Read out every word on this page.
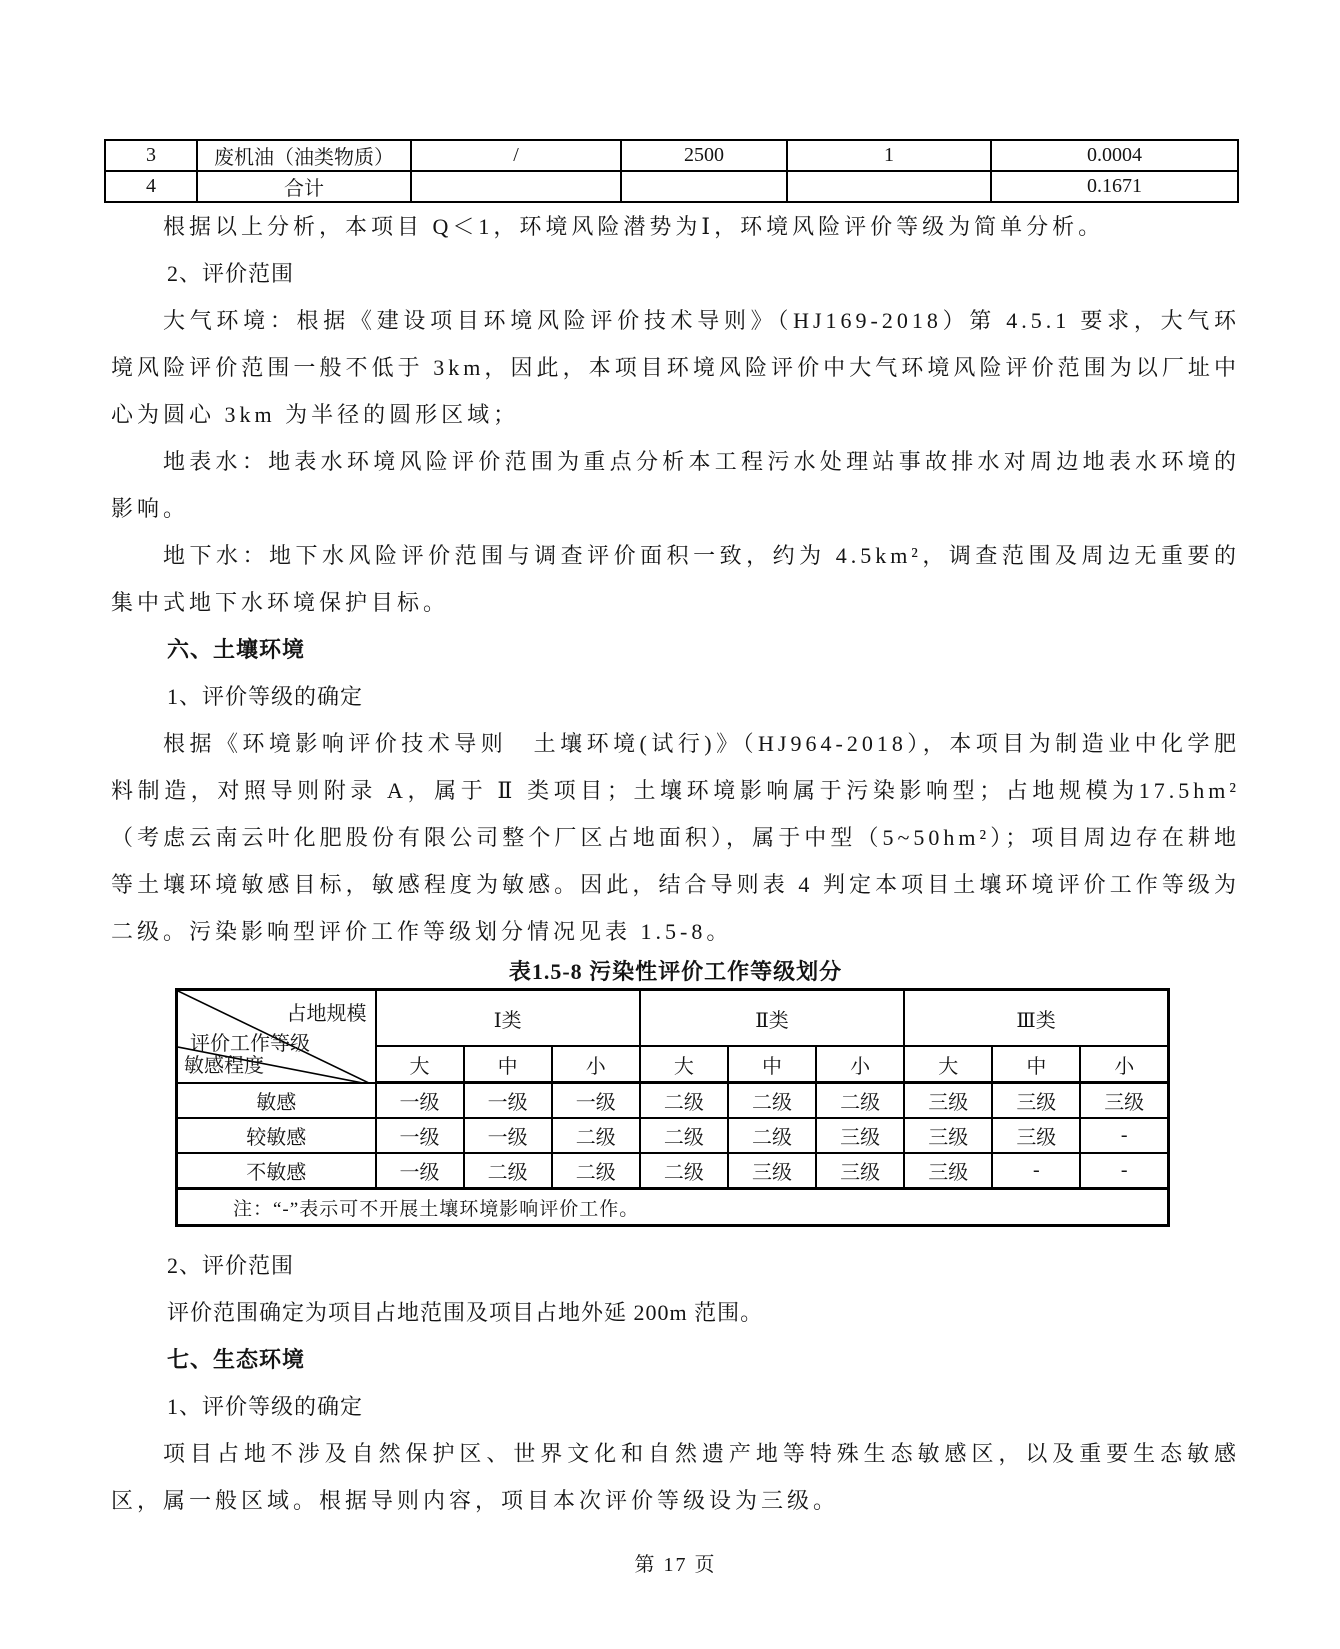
3	废机油（油类物质）	/	2500	1	0.0004
4	合计				0.1671

根据以上分析，本项目 Q＜1，环境风险潜势为Ⅰ，环境风险评价等级为简单分析。

2、评价范围

大气环境：根据《建设项目环境风险评价技术导则》（HJ169-2018）第 4.5.1 要求，大气环境风险评价范围一般不低于 3km，因此，本项目环境风险评价中大气环境风险评价范围为以厂址中心为圆心 3km 为半径的圆形区域；

地表水：地表水环境风险评价范围为重点分析本工程污水处理站事故排水对周边地表水环境的影响。

地下水：地下水风险评价范围与调查评价面积一致，约为 4.5km²，调查范围及周边无重要的集中式地下水环境保护目标。

六、土壤环境

1、评价等级的确定

根据《环境影响评价技术导则　土壤环境(试行)》（HJ964-2018），本项目为制造业中化学肥料制造，对照导则附录 A，属于 Ⅱ 类项目；土壤环境影响属于污染影响型；占地规模为17.5hm²（考虑云南云叶化肥股份有限公司整个厂区占地面积），属于中型（5~50hm²）；项目周边存在耕地等土壤环境敏感目标，敏感程度为敏感。因此，结合导则表 4 判定本项目土壤环境评价工作等级为二级。污染影响型评价工作等级划分情况见表 1.5-8。

表1.5-8 污染性评价工作等级划分

占地规模
评价工作等级
敏感程度	Ⅰ类			Ⅱ类			Ⅲ类		
	大	中	小	大	中	小	大	中	小
敏感	一级	一级	一级	二级	二级	二级	三级	三级	三级
较敏感	一级	一级	二级	二级	二级	三级	三级	三级	-
不敏感	一级	二级	二级	二级	三级	三级	三级	-	-
注：“-”表示可不开展土壤环境影响评价工作。									

2、评价范围

评价范围确定为项目占地范围及项目占地外延 200m 范围。

七、生态环境

1、评价等级的确定

项目占地不涉及自然保护区、世界文化和自然遗产地等特殊生态敏感区，以及重要生态敏感区，属一般区域。根据导则内容，项目本次评价等级设为三级。

第 17 页
